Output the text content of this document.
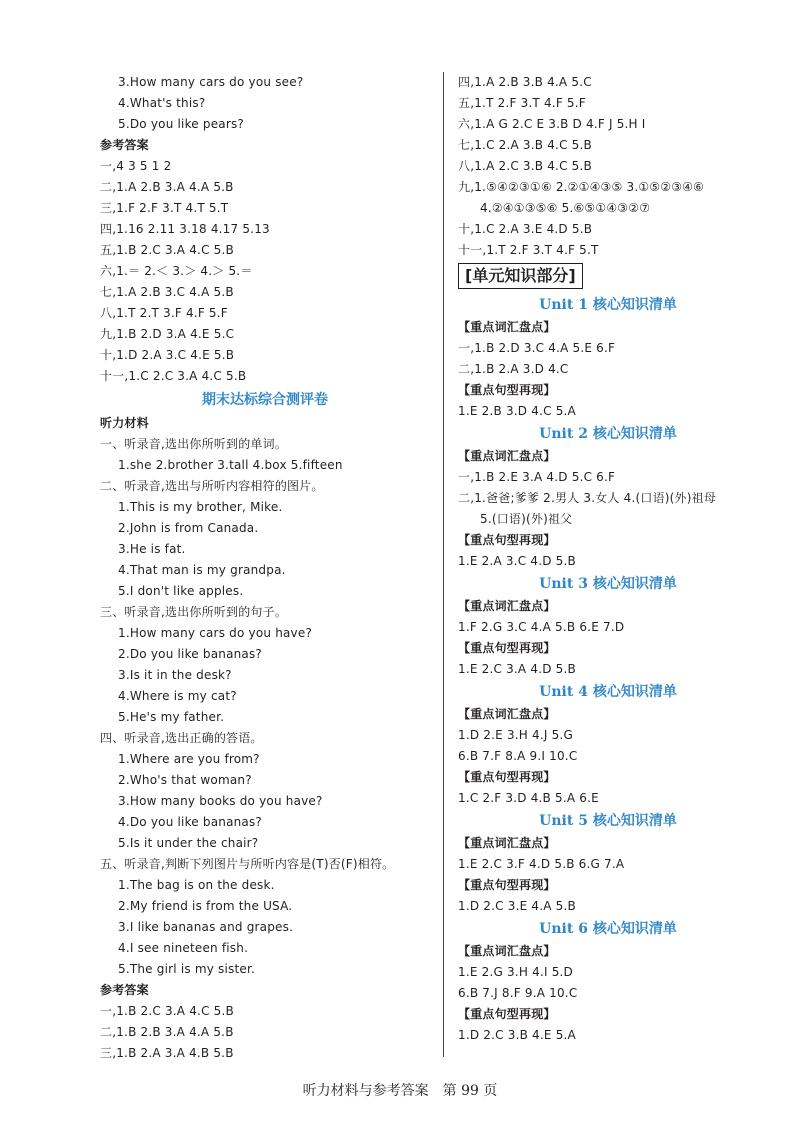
3.How many cars do you see?
4.What's this?
5.Do you like pears?
参考答案
一,4 3 5 1 2
二,1.A 2.B 3.A 4.A 5.B
三,1.F 2.F 3.T 4.T 5.T
四,1.16 2.11 3.18 4.17 5.13
五,1.B 2.C 3.A 4.C 5.B
六,1.＝ 2.＜ 3.＞ 4.＞ 5.＝
七,1.A 2.B 3.C 4.A 5.B
八,1.T 2.T 3.F 4.F 5.F
九,1.B 2.D 3.A 4.E 5.C
十,1.D 2.A 3.C 4.E 5.B
十一,1.C 2.C 3.A 4.C 5.B
期末达标综合测评卷
听力材料
一、听录音,选出你所听到的单词。
1.she 2.brother 3.tall 4.box 5.fifteen
二、听录音,选出与所听内容相符的图片。
1.This is my brother, Mike.
2.John is from Canada.
3.He is fat.
4.That man is my grandpa.
5.I don't like apples.
三、听录音,选出你所听到的句子。
1.How many cars do you have?
2.Do you like bananas?
3.Is it in the desk?
4.Where is my cat?
5.He's my father.
四、听录音,选出正确的答语。
1.Where are you from?
2.Who's that woman?
3.How many books do you have?
4.Do you like bananas?
5.Is it under the chair?
五、听录音,判断下列图片与所听内容是(T)否(F)相符。
1.The bag is on the desk.
2.My friend is from the USA.
3.I like bananas and grapes.
4.I see nineteen fish.
5.The girl is my sister.
参考答案
一,1.B 2.C 3.A 4.C 5.B
二,1.B 2.B 3.A 4.A 5.B
三,1.B 2.A 3.A 4.B 5.B
四,1.A 2.B 3.B 4.A 5.C
五,1.T 2.F 3.T 4.F 5.F
六,1.A G 2.C E 3.B D 4.F J 5.H I
七,1.C 2.A 3.B 4.C 5.B
八,1.A 2.C 3.B 4.C 5.B
九,1.⑤④②③①⑥ 2.②①④③⑤ 3.①⑤②③④⑥
4.②④①③⑤⑥ 5.⑥⑤①④③②⑦
十,1.C 2.A 3.E 4.D 5.B
十一,1.T 2.F 3.T 4.F 5.T
[单元知识部分]
Unit 1 核心知识清单
【重点词汇盘点】
一,1.B 2.D 3.C 4.A 5.E 6.F
二,1.B 2.A 3.D 4.C
【重点句型再现】
1.E 2.B 3.D 4.C 5.A
Unit 2 核心知识清单
【重点词汇盘点】
一,1.B 2.E 3.A 4.D 5.C 6.F
二,1.爸爸;爹爹 2.男人 3.女人 4.(口语)(外)祖母
5.(口语)(外)祖父
【重点句型再现】
1.E 2.A 3.C 4.D 5.B
Unit 3 核心知识清单
【重点词汇盘点】
1.F 2.G 3.C 4.A 5.B 6.E 7.D
【重点句型再现】
1.E 2.C 3.A 4.D 5.B
Unit 4 核心知识清单
【重点词汇盘点】
1.D 2.E 3.H 4.J 5.G
6.B 7.F 8.A 9.I 10.C
【重点句型再现】
1.C 2.F 3.D 4.B 5.A 6.E
Unit 5 核心知识清单
【重点词汇盘点】
1.E 2.C 3.F 4.D 5.B 6.G 7.A
【重点句型再现】
1.D 2.C 3.E 4.A 5.B
Unit 6 核心知识清单
【重点词汇盘点】
1.E 2.G 3.H 4.I 5.D
6.B 7.J 8.F 9.A 10.C
【重点句型再现】
1.D 2.C 3.B 4.E 5.A
听力材料与参考答案　第 99 页
